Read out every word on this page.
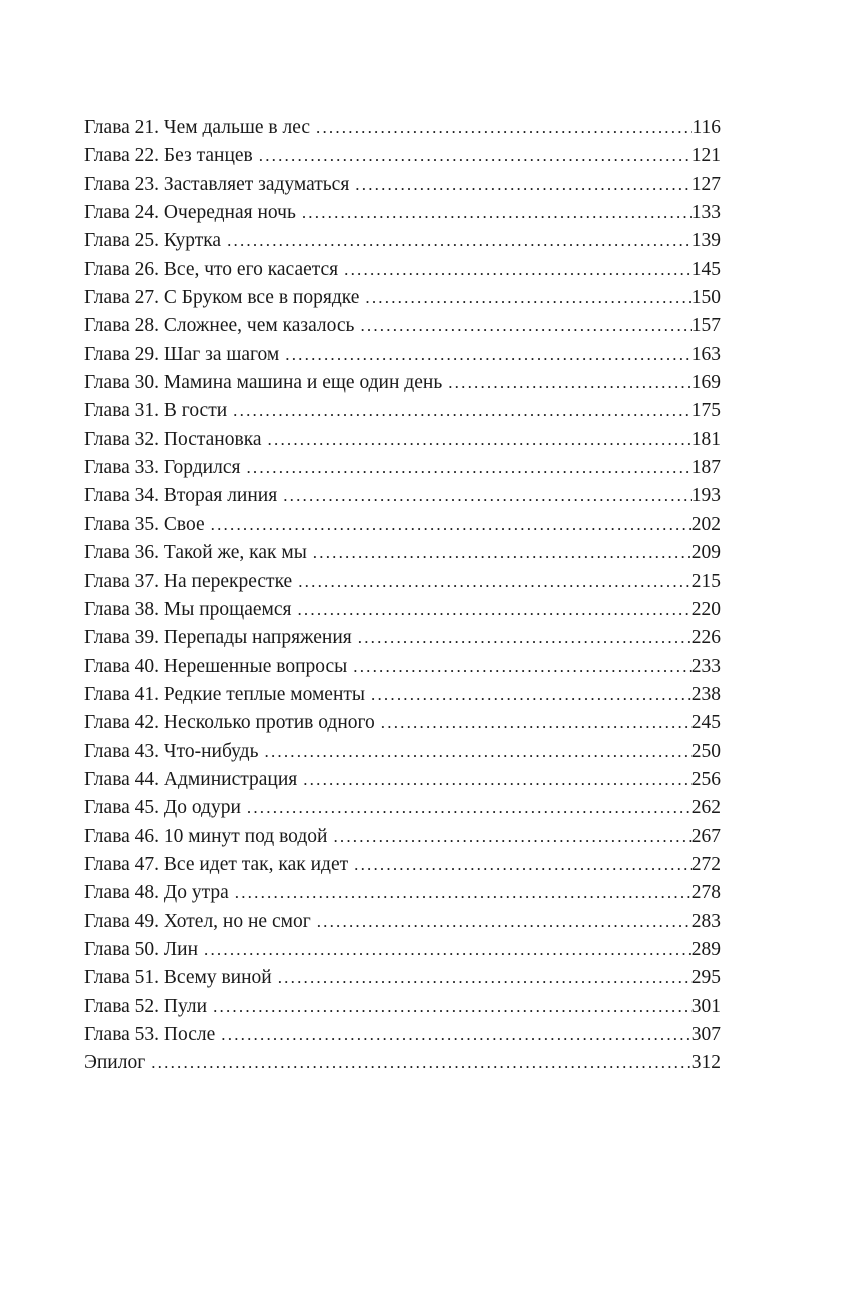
Глава 21. Чем дальше в лес .....	116
Глава 22. Без танцев .....	121
Глава 23. Заставляет задуматься .....	127
Глава 24. Очередная ночь .....	133
Глава 25. Куртка .....	139
Глава 26. Все, что его касается .....	145
Глава 27. С Бруком все в порядке .....	150
Глава 28. Сложнее, чем казалось .....	157
Глава 29. Шаг за шагом .....	163
Глава 30. Мамина машина и еще один день .....	169
Глава 31. В гости .....	175
Глава 32. Постановка .....	181
Глава 33. Гордился .....	187
Глава 34. Вторая линия .....	193
Глава 35. Свое .....	202
Глава 36. Такой же, как мы .....	209
Глава 37. На перекрестке .....	215
Глава 38. Мы прощаемся .....	220
Глава 39. Перепады напряжения .....	226
Глава 40. Нерешенные вопросы .....	233
Глава 41. Редкие теплые моменты .....	238
Глава 42. Несколько против одного .....	245
Глава 43. Что-нибудь .....	250
Глава 44. Администрация .....	256
Глава 45. До одури .....	262
Глава 46. 10 минут под водой .....	267
Глава 47. Все идет так, как идет .....	272
Глава 48. До утра .....	278
Глава 49. Хотел, но не смог .....	283
Глава 50. Лин .....	289
Глава 51. Всему виной .....	295
Глава 52. Пули .....	301
Глава 53. После .....	307
Эпилог .....	312
